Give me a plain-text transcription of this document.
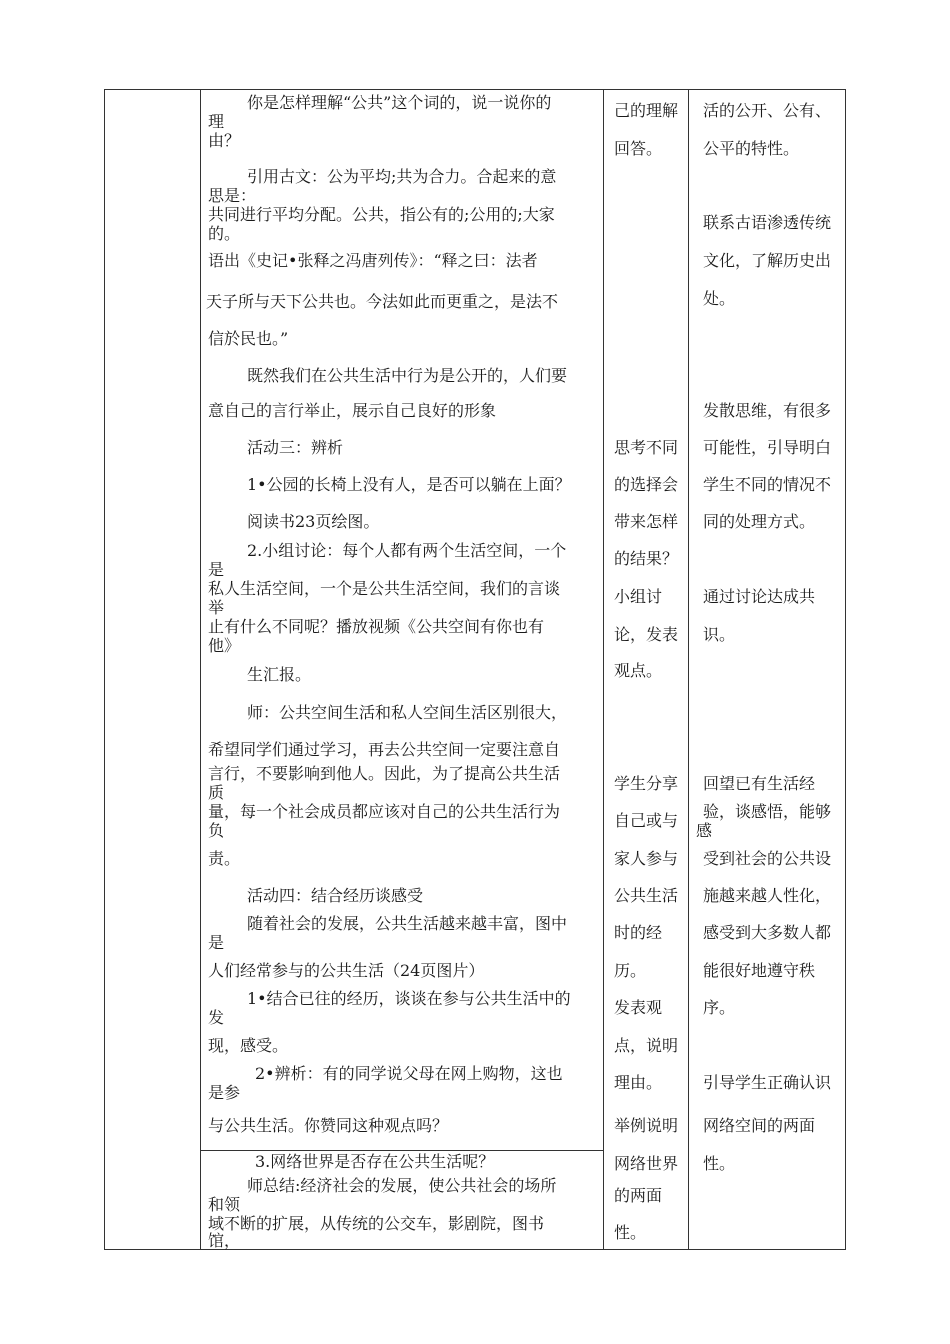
你是怎样理解“公共”这个词的，说一说你的
理
由？
引用古文：公为平均;共为合力。合起来的意
思是：
共同进行平均分配。公共，指公有的;公用的;大家
的。
语出《史记•张释之冯唐列传》：“释之曰：法者
天子所与天下公共也。今法如此而更重之，是法不
信於民也。”
既然我们在公共生活中行为是公开的，人们要
意自己的言行举止，展示自己良好的形象
活动三：辨析
1•公园的长椅上没有人，是否可以躺在上面？
阅读书23页绘图。
2.小组讨论：每个人都有两个生活空间，一个
是
私人生活空间，一个是公共生活空间，我们的言谈
举
止有什么不同呢？播放视频《公共空间有你也有
他》
生汇报。
师：公共空间生活和私人空间生活区别很大，
希望同学们通过学习，再去公共空间一定要注意自
言行，不要影响到他人。因此，为了提高公共生活
质
量，每一个社会成员都应该对自己的公共生活行为
负
责。
活动四：结合经历谈感受
随着社会的发展，公共生活越来越丰富，图中
是
人们经常参与的公共生活（24页图片）
1•结合已往的经历，谈谈在参与公共生活中的
发
现，感受。
2•辨析：有的同学说父母在网上购物，这也
是参
与公共生活。你赞同这种观点吗？
3.网络世界是否存在公共生活呢？
师总结:经济社会的发展，使公共社会的场所
和领
域不断的扩展，从传统的公交车，影剧院，图书
馆，
己的理解
回答。
思考不同
的选择会
带来怎样
的结果？
小组讨
论，发表
观点。
学生分享
自己或与
家人参与
公共生活
时的经
历。
发表观
点，说明
理由。
举例说明
网络世界
的两面
性。
活的公开、公有、
公平的特性。
联系古语渗透传统
文化，了解历史出
处。
发散思维，有很多
可能性，引导明白
学生不同的情况不
同的处理方式。
通过讨论达成共
识。
回望已有生活经
验，谈感悟，能够
感
受到社会的公共设
施越来越人性化，
感受到大多数人都
能很好地遵守秩
序。
引导学生正确认识
网络空间的两面
性。
